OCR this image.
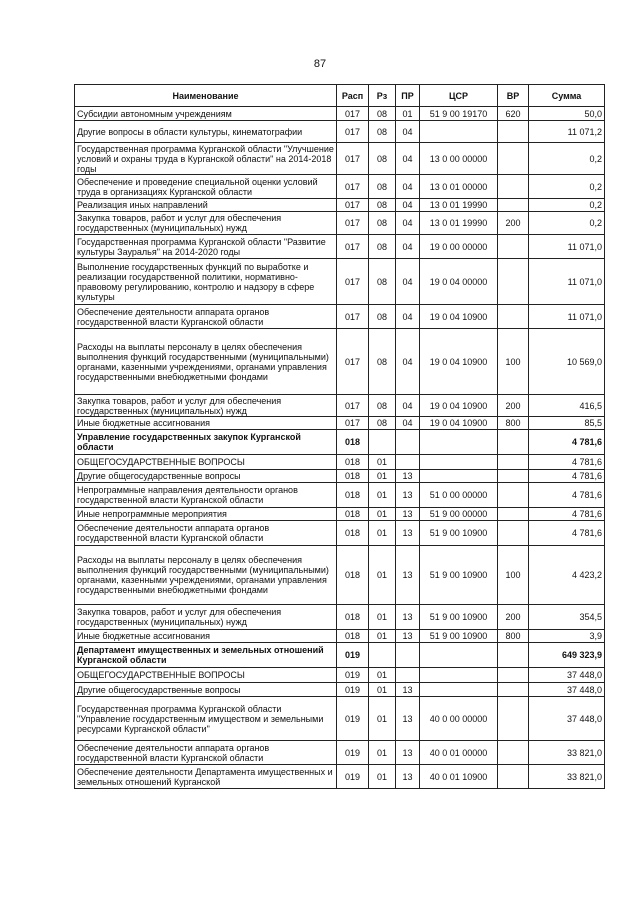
87
Наименование	Расп	Рз	ПР	ЦСР	ВР	Сумма
Субсидии автономным учреждениям	017	08	01	51 9 00 19170	620	50,0
Другие вопросы в области культуры, кинематографии	017	08	04			11 071,2
Государственная программа Курганской области "Улучшение условий и охраны труда в Курганской области" на 2014-2018 годы	017	08	04	13 0 00 00000		0,2
Обеспечение и проведение специальной оценки условий труда в организациях Курганской области	017	08	04	13 0 01 00000		0,2
Реализация иных направлений	017	08	04	13 0 01 19990		0,2
Закупка товаров, работ и услуг для обеспечения государственных (муниципальных) нужд	017	08	04	13 0 01 19990	200	0,2
Государственная программа Курганской области "Развитие культуры Зауралья" на 2014-2020 годы	017	08	04	19 0 00 00000		11 071,0
Выполнение государственных функций по выработке и реализации государственной политики, нормативно-правовому регулированию, контролю и надзору в сфере культуры	017	08	04	19 0 04 00000		11 071,0
Обеспечение деятельности аппарата органов государственной власти Курганской области	017	08	04	19 0 04 10900		11 071,0
Расходы на выплаты персоналу в целях обеспечения выполнения функций государственными (муниципальными) органами, казенными учреждениями, органами управления государственными внебюджетными фондами	017	08	04	19 0 04 10900	100	10 569,0
Закупка товаров, работ и услуг для обеспечения государственных (муниципальных) нужд	017	08	04	19 0 04 10900	200	416,5
Иные бюджетные ассигнования	017	08	04	19 0 04 10900	800	85,5
Управление государственных закупок Курганской области	018					4 781,6
ОБЩЕГОСУДАРСТВЕННЫЕ ВОПРОСЫ	018	01				4 781,6
Другие общегосударственные вопросы	018	01	13			4 781,6
Непрограммные направления деятельности органов государственной власти Курганской области	018	01	13	51 0 00 00000		4 781,6
Иные непрограммные мероприятия	018	01	13	51 9 00 00000		4 781,6
Обеспечение деятельности аппарата органов государственной власти Курганской области	018	01	13	51 9 00 10900		4 781,6
Расходы на выплаты персоналу в целях обеспечения выполнения функций государственными (муниципальными) органами, казенными учреждениями, органами управления государственными внебюджетными фондами	018	01	13	51 9 00 10900	100	4 423,2
Закупка товаров, работ и услуг для обеспечения государственных (муниципальных) нужд	018	01	13	51 9 00 10900	200	354,5
Иные бюджетные ассигнования	018	01	13	51 9 00 10900	800	3,9
Департамент имущественных и земельных отношений Курганской области	019					649 323,9
ОБЩЕГОСУДАРСТВЕННЫЕ ВОПРОСЫ	019	01				37 448,0
Другие общегосударственные вопросы	019	01	13			37 448,0
Государственная программа Курганской области "Управление государственным имуществом и земельными ресурсами Курганской области"	019	01	13	40 0 00 00000		37 448,0
Обеспечение деятельности аппарата органов государственной власти Курганской области	019	01	13	40 0 01 00000		33 821,0
Обеспечение деятельности Департамента имущественных и земельных отношений Курганской	019	01	13	40 0 01 10900		33 821,0
